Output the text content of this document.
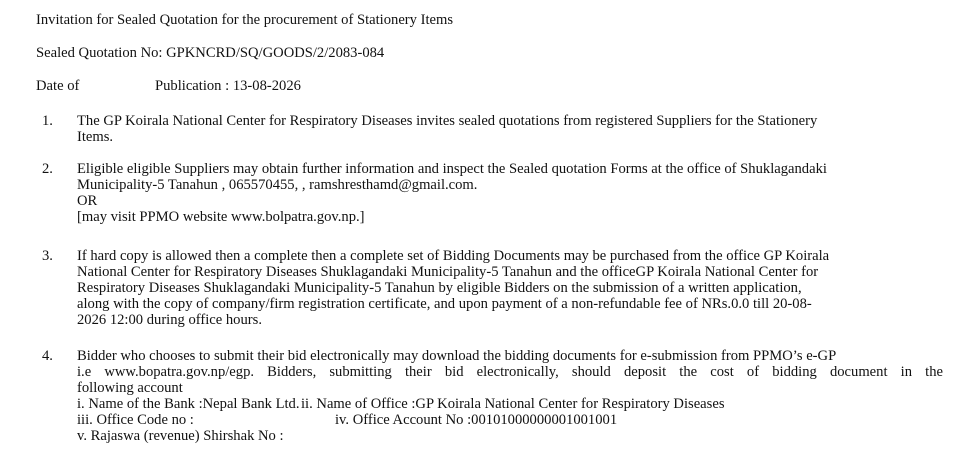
Invitation for Sealed Quotation for the procurement of Stationery Items
Sealed Quotation No: GPKNCRD/SQ/GOODS/2/2083-084
Date of	Publication : 13-08-2026
1. The GP Koirala National Center for Respiratory Diseases invites sealed quotations from registered Suppliers for the Stationery
Items.
2. Eligible eligible Suppliers may obtain further information and inspect the Sealed quotation Forms at the office of Shuklagandaki
Municipality-5 Tanahun , 065570455, , ramshresthamd@gmail.com.
OR
[may visit PPMO website www.bolpatra.gov.np.]
3. If hard copy is allowed then a complete then a complete set of Bidding Documents may be purchased from the office GP Koirala
National Center for Respiratory Diseases Shuklagandaki Municipality-5 Tanahun and the officeGP Koirala National Center for
Respiratory Diseases Shuklagandaki Municipality-5 Tanahun by eligible Bidders on the submission of a written application,
along with the copy of company/firm registration certificate, and upon payment of a non-refundable fee of NRs.0.0 till 20-08-
2026 12:00 during office hours.
4. Bidder who chooses to submit their bid electronically may download the bidding documents for e-submission from PPMO’s e-GP
i.e www.bopatra.gov.np/egp. Bidders, submitting their bid electronically, should deposit the cost of bidding document in the
following account
i. Name of the Bank :Nepal Bank Ltd. ii. Name of Office :GP Koirala National Center for Respiratory Diseases
iii. Office Code no :	iv. Office Account No :00101000000001001001
v. Rajaswa (revenue) Shirshak No :
